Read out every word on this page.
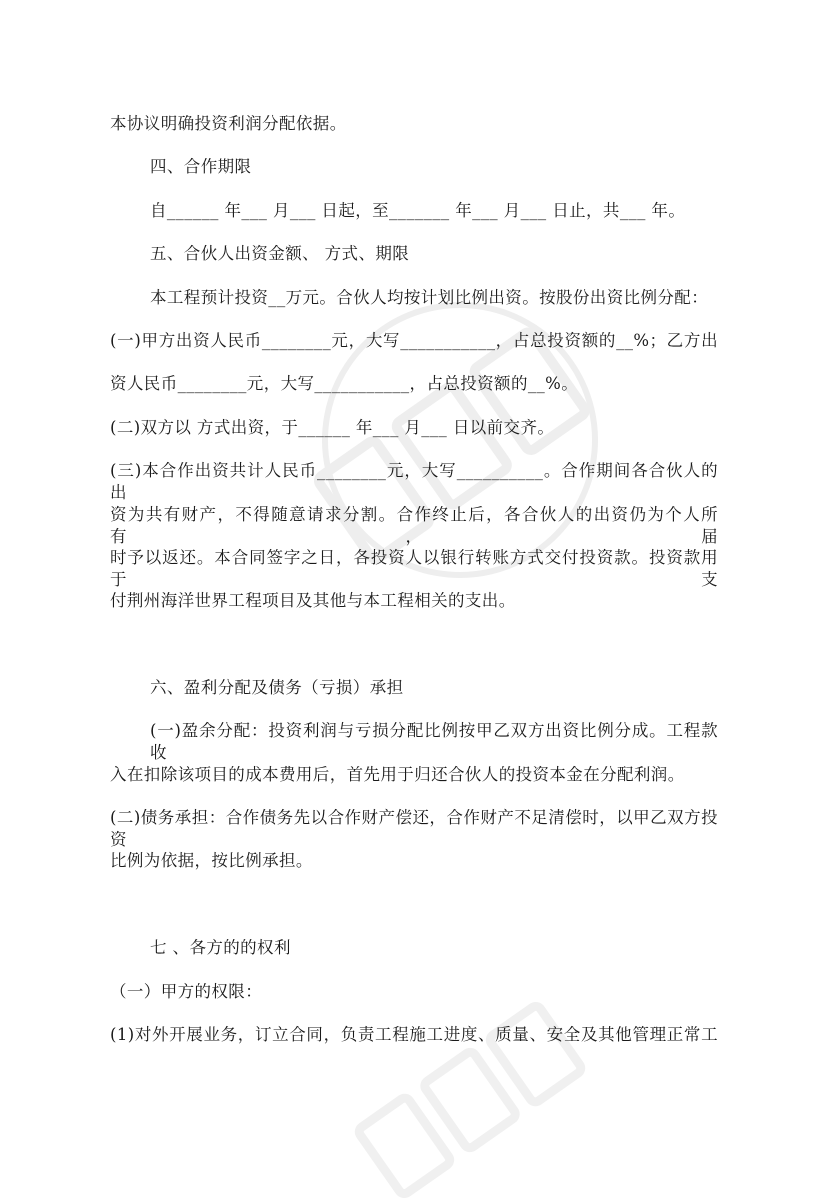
本协议明确投资利润分配依据。
四、合作期限
自______ 年___ 月___ 日起，至_______ 年___ 月___ 日止，共___ 年。
五、合伙人出资金额、 方式、期限
本工程预计投资__万元。合伙人均按计划比例出资。按股份出资比例分配：
(一)甲方出资人民币________元，大写___________，占总投资额的__%；乙方出
资人民币________元，大写___________，占总投资额的__%。
(二)双方以 方式出资，于______ 年___ 月___ 日以前交齐。
(三)本合作出资共计人民币________元，大写__________。合作期间各合伙人的出
资为共有财产，不得随意请求分割。合作终止后，各合伙人的出资仍为个人所有，届
时予以返还。本合同签字之日，各投资人以银行转账方式交付投资款。投资款用于支
付荆州海洋世界工程项目及其他与本工程相关的支出。
六、盈利分配及债务（亏损）承担
(一)盈余分配：投资利润与亏损分配比例按甲乙双方出资比例分成。工程款收
入在扣除该项目的成本费用后，首先用于归还合伙人的投资本金在分配利润。
(二)债务承担：合作债务先以合作财产偿还，合作财产不足清偿时，以甲乙双方投资
比例为依据，按比例承担。
七 、各方的的权利
（一）甲方的权限：
(1)对外开展业务，订立合同，负责工程施工进度、质量、安全及其他管理正常工
